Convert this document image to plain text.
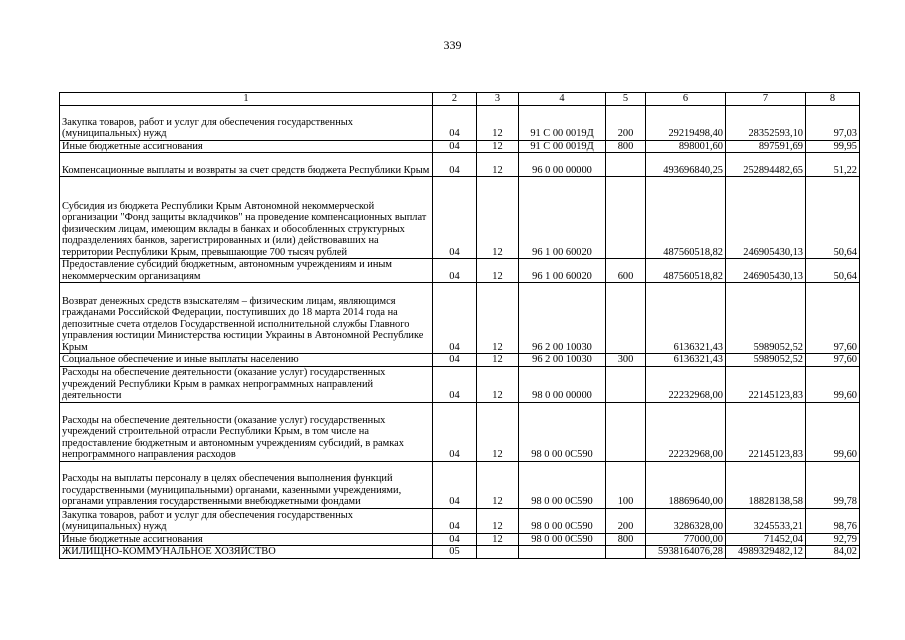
339
1	2	3	4	5	6	7	8
Закупка товаров, работ и услуг для обеспечения государственных (муниципальных) нужд	04	12	91 С 00 0019Д	200	29219498,40	28352593,10	97,03
Иные бюджетные ассигнования	04	12	91 С 00 0019Д	800	898001,60	897591,69	99,95
Компенсационные выплаты и возвраты за счет средств бюджета Республики Крым	04	12	96 0 00 00000		493696840,25	252894482,65	51,22
Субсидия из бюджета Республики Крым Автономной некоммерческой организации "Фонд защиты вкладчиков" на проведение компенсационных выплат физическим лицам, имеющим вклады в банках и обособленных структурных подразделениях банков, зарегистрированных и (или) действовавших на территории Республики Крым, превышающие 700 тысяч рублей	04	12	96 1 00 60020		487560518,82	246905430,13	50,64
Предоставление субсидий бюджетным, автономным учреждениям и иным некоммерческим организациям	04	12	96 1 00 60020	600	487560518,82	246905430,13	50,64
Возврат денежных средств взыскателям – физическим лицам, являющимся гражданами Российской Федерации, поступивших до 18 марта 2014 года на депозитные счета отделов Государственной исполнительной службы Главного управления юстиции Министерства юстиции Украины в Автономной Республике Крым	04	12	96 2 00 10030		6136321,43	5989052,52	97,60
Социальное обеспечение и иные выплаты населению	04	12	96 2 00 10030	300	6136321,43	5989052,52	97,60
Расходы на обеспечение деятельности (оказание услуг) государственных учреждений Республики Крым в рамках непрограммных направлений деятельности	04	12	98 0 00 00000		22232968,00	22145123,83	99,60
Расходы на обеспечение деятельности (оказание услуг) государственных учреждений строительной отрасли Республики Крым, в том числе на предоставление бюджетным и автономным учреждениям субсидий, в рамках непрограммного направления расходов	04	12	98 0 00 0С590		22232968,00	22145123,83	99,60
Расходы на выплаты персоналу в целях обеспечения выполнения функций государственными (муниципальными) органами, казенными учреждениями, органами управления государственными внебюджетными фондами	04	12	98 0 00 0С590	100	18869640,00	18828138,58	99,78
Закупка товаров, работ и услуг для обеспечения государственных (муниципальных) нужд	04	12	98 0 00 0С590	200	3286328,00	3245533,21	98,76
Иные бюджетные ассигнования	04	12	98 0 00 0С590	800	77000,00	71452,04	92,79
ЖИЛИЩНО-КОММУНАЛЬНОЕ ХОЗЯЙСТВО	05				5938164076,28	4989329482,12	84,02
